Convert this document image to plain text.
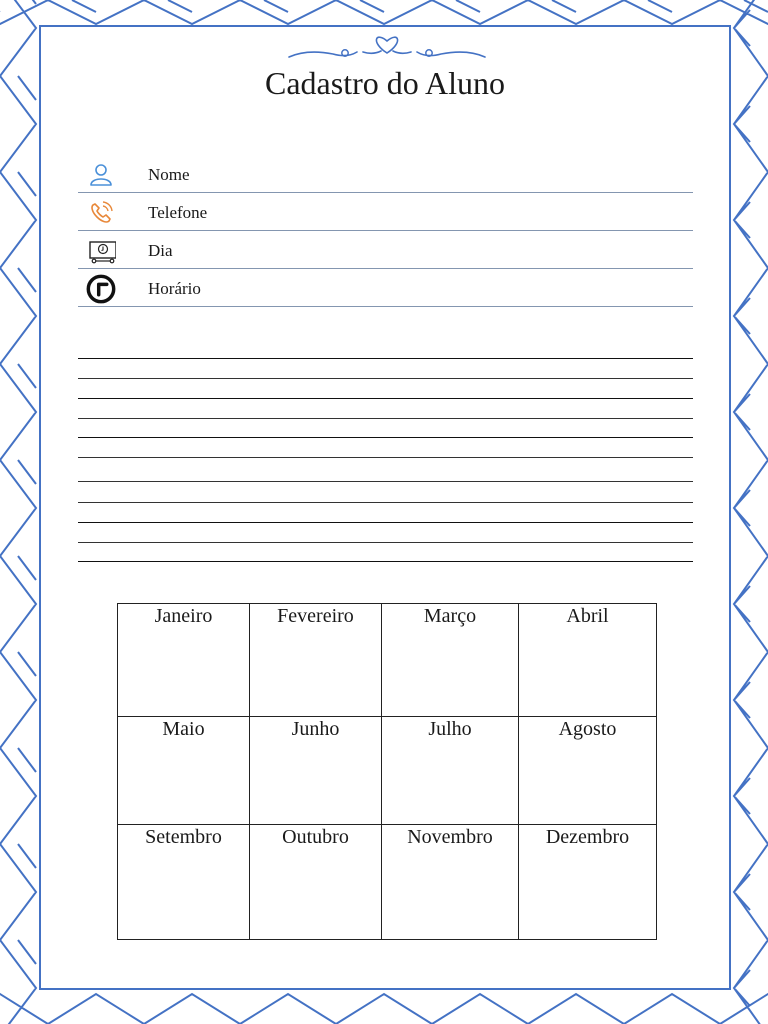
Cadastro do Aluno
Nome
Telefone
Dia
Horário
Janeiro	Fevereiro	Março	Abril
Maio	Junho	Julho	Agosto
Setembro	Outubro	Novembro	Dezembro
